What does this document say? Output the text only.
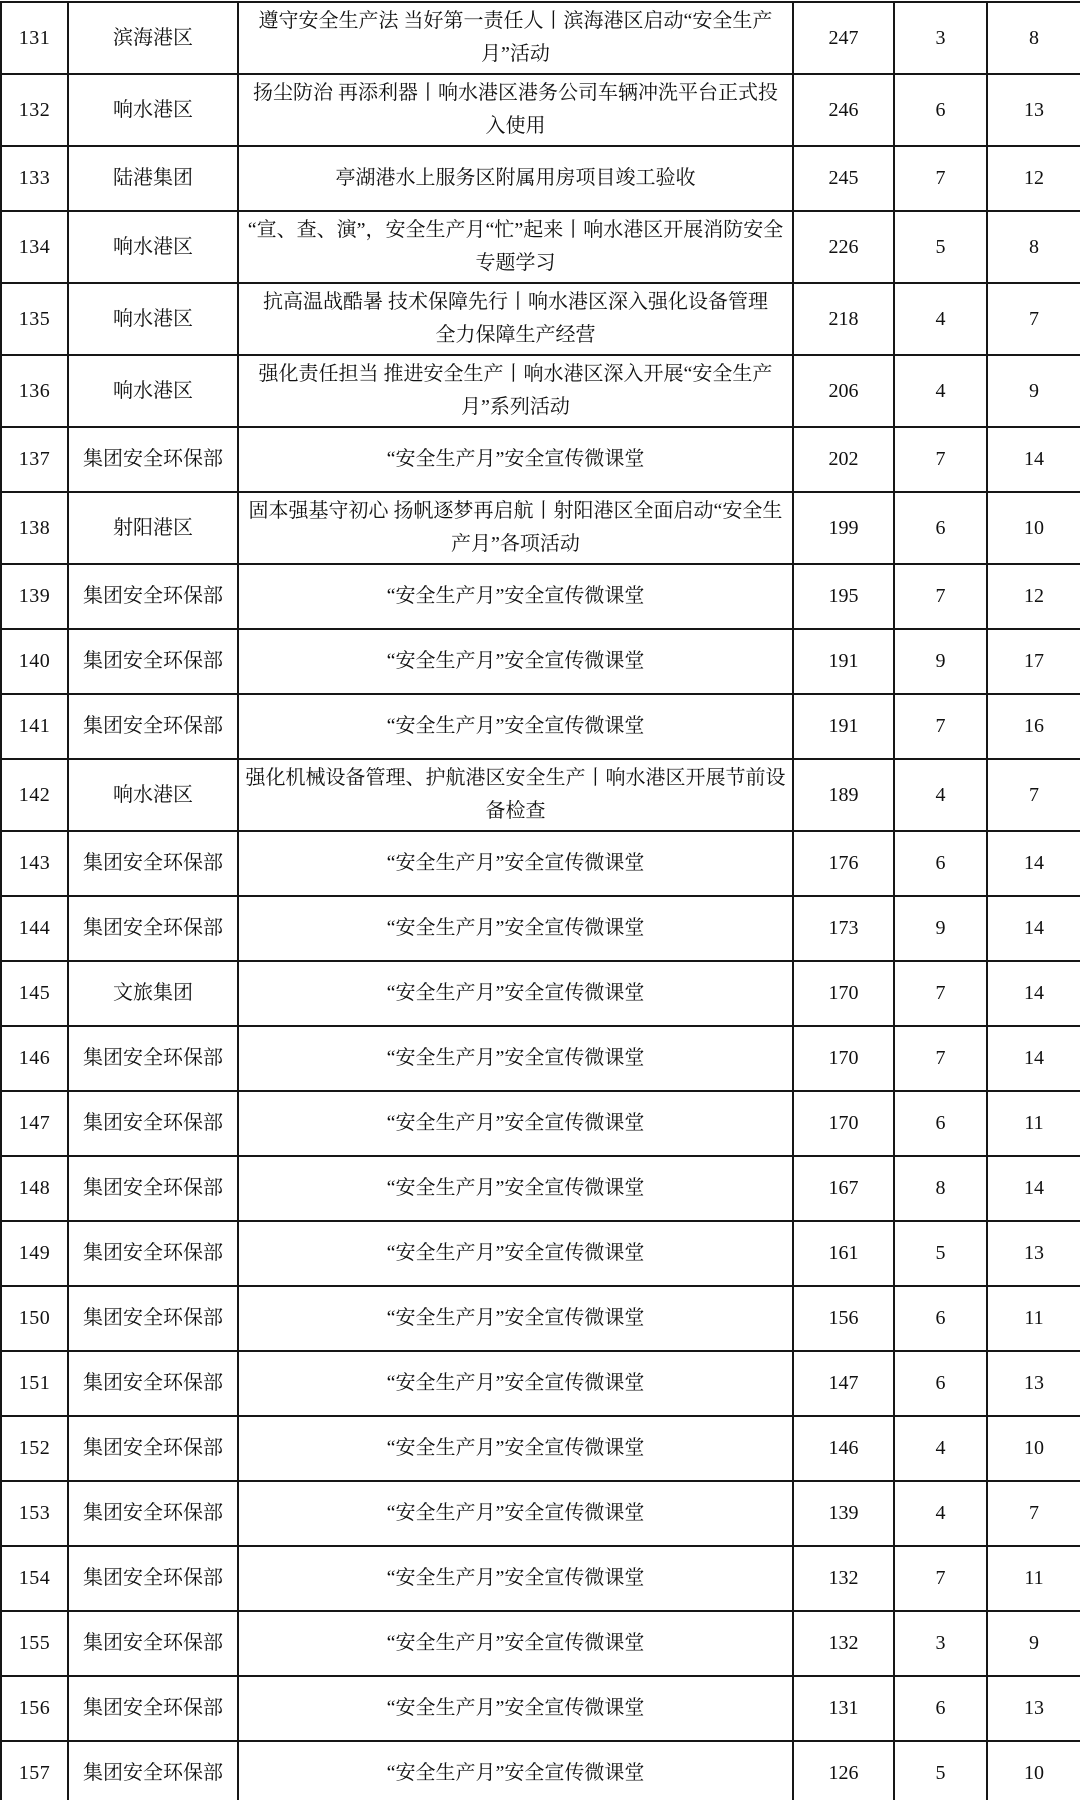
131	滨海港区	遵守安全生产法 当好第一责任人丨滨海港区启动“安全生产月”活动	247	3	8
132	响水港区	扬尘防治 再添利器丨响水港区港务公司车辆冲洗平台正式投入使用	246	6	13
133	陆港集团	亭湖港水上服务区附属用房项目竣工验收	245	7	12
134	响水港区	“宣、查、演”，安全生产月“忙”起来丨响水港区开展消防安全专题学习	226	5	8
135	响水港区	抗高温战酷暑 技术保障先行丨响水港区深入强化设备管理　全力保障生产经营	218	4	7
136	响水港区	强化责任担当 推进安全生产丨响水港区深入开展“安全生产月”系列活动	206	4	9
137	集团安全环保部	“安全生产月”安全宣传微课堂	202	7	14
138	射阳港区	固本强基守初心 扬帆逐梦再启航丨射阳港区全面启动“安全生产月”各项活动	199	6	10
139	集团安全环保部	“安全生产月”安全宣传微课堂	195	7	12
140	集团安全环保部	“安全生产月”安全宣传微课堂	191	9	17
141	集团安全环保部	“安全生产月”安全宣传微课堂	191	7	16
142	响水港区	强化机械设备管理、护航港区安全生产丨响水港区开展节前设备检查	189	4	7
143	集团安全环保部	“安全生产月”安全宣传微课堂	176	6	14
144	集团安全环保部	“安全生产月”安全宣传微课堂	173	9	14
145	文旅集团	“安全生产月”安全宣传微课堂	170	7	14
146	集团安全环保部	“安全生产月”安全宣传微课堂	170	7	14
147	集团安全环保部	“安全生产月”安全宣传微课堂	170	6	11
148	集团安全环保部	“安全生产月”安全宣传微课堂	167	8	14
149	集团安全环保部	“安全生产月”安全宣传微课堂	161	5	13
150	集团安全环保部	“安全生产月”安全宣传微课堂	156	6	11
151	集团安全环保部	“安全生产月”安全宣传微课堂	147	6	13
152	集团安全环保部	“安全生产月”安全宣传微课堂	146	4	10
153	集团安全环保部	“安全生产月”安全宣传微课堂	139	4	7
154	集团安全环保部	“安全生产月”安全宣传微课堂	132	7	11
155	集团安全环保部	“安全生产月”安全宣传微课堂	132	3	9
156	集团安全环保部	“安全生产月”安全宣传微课堂	131	6	13
157	集团安全环保部	“安全生产月”安全宣传微课堂	126	5	10
